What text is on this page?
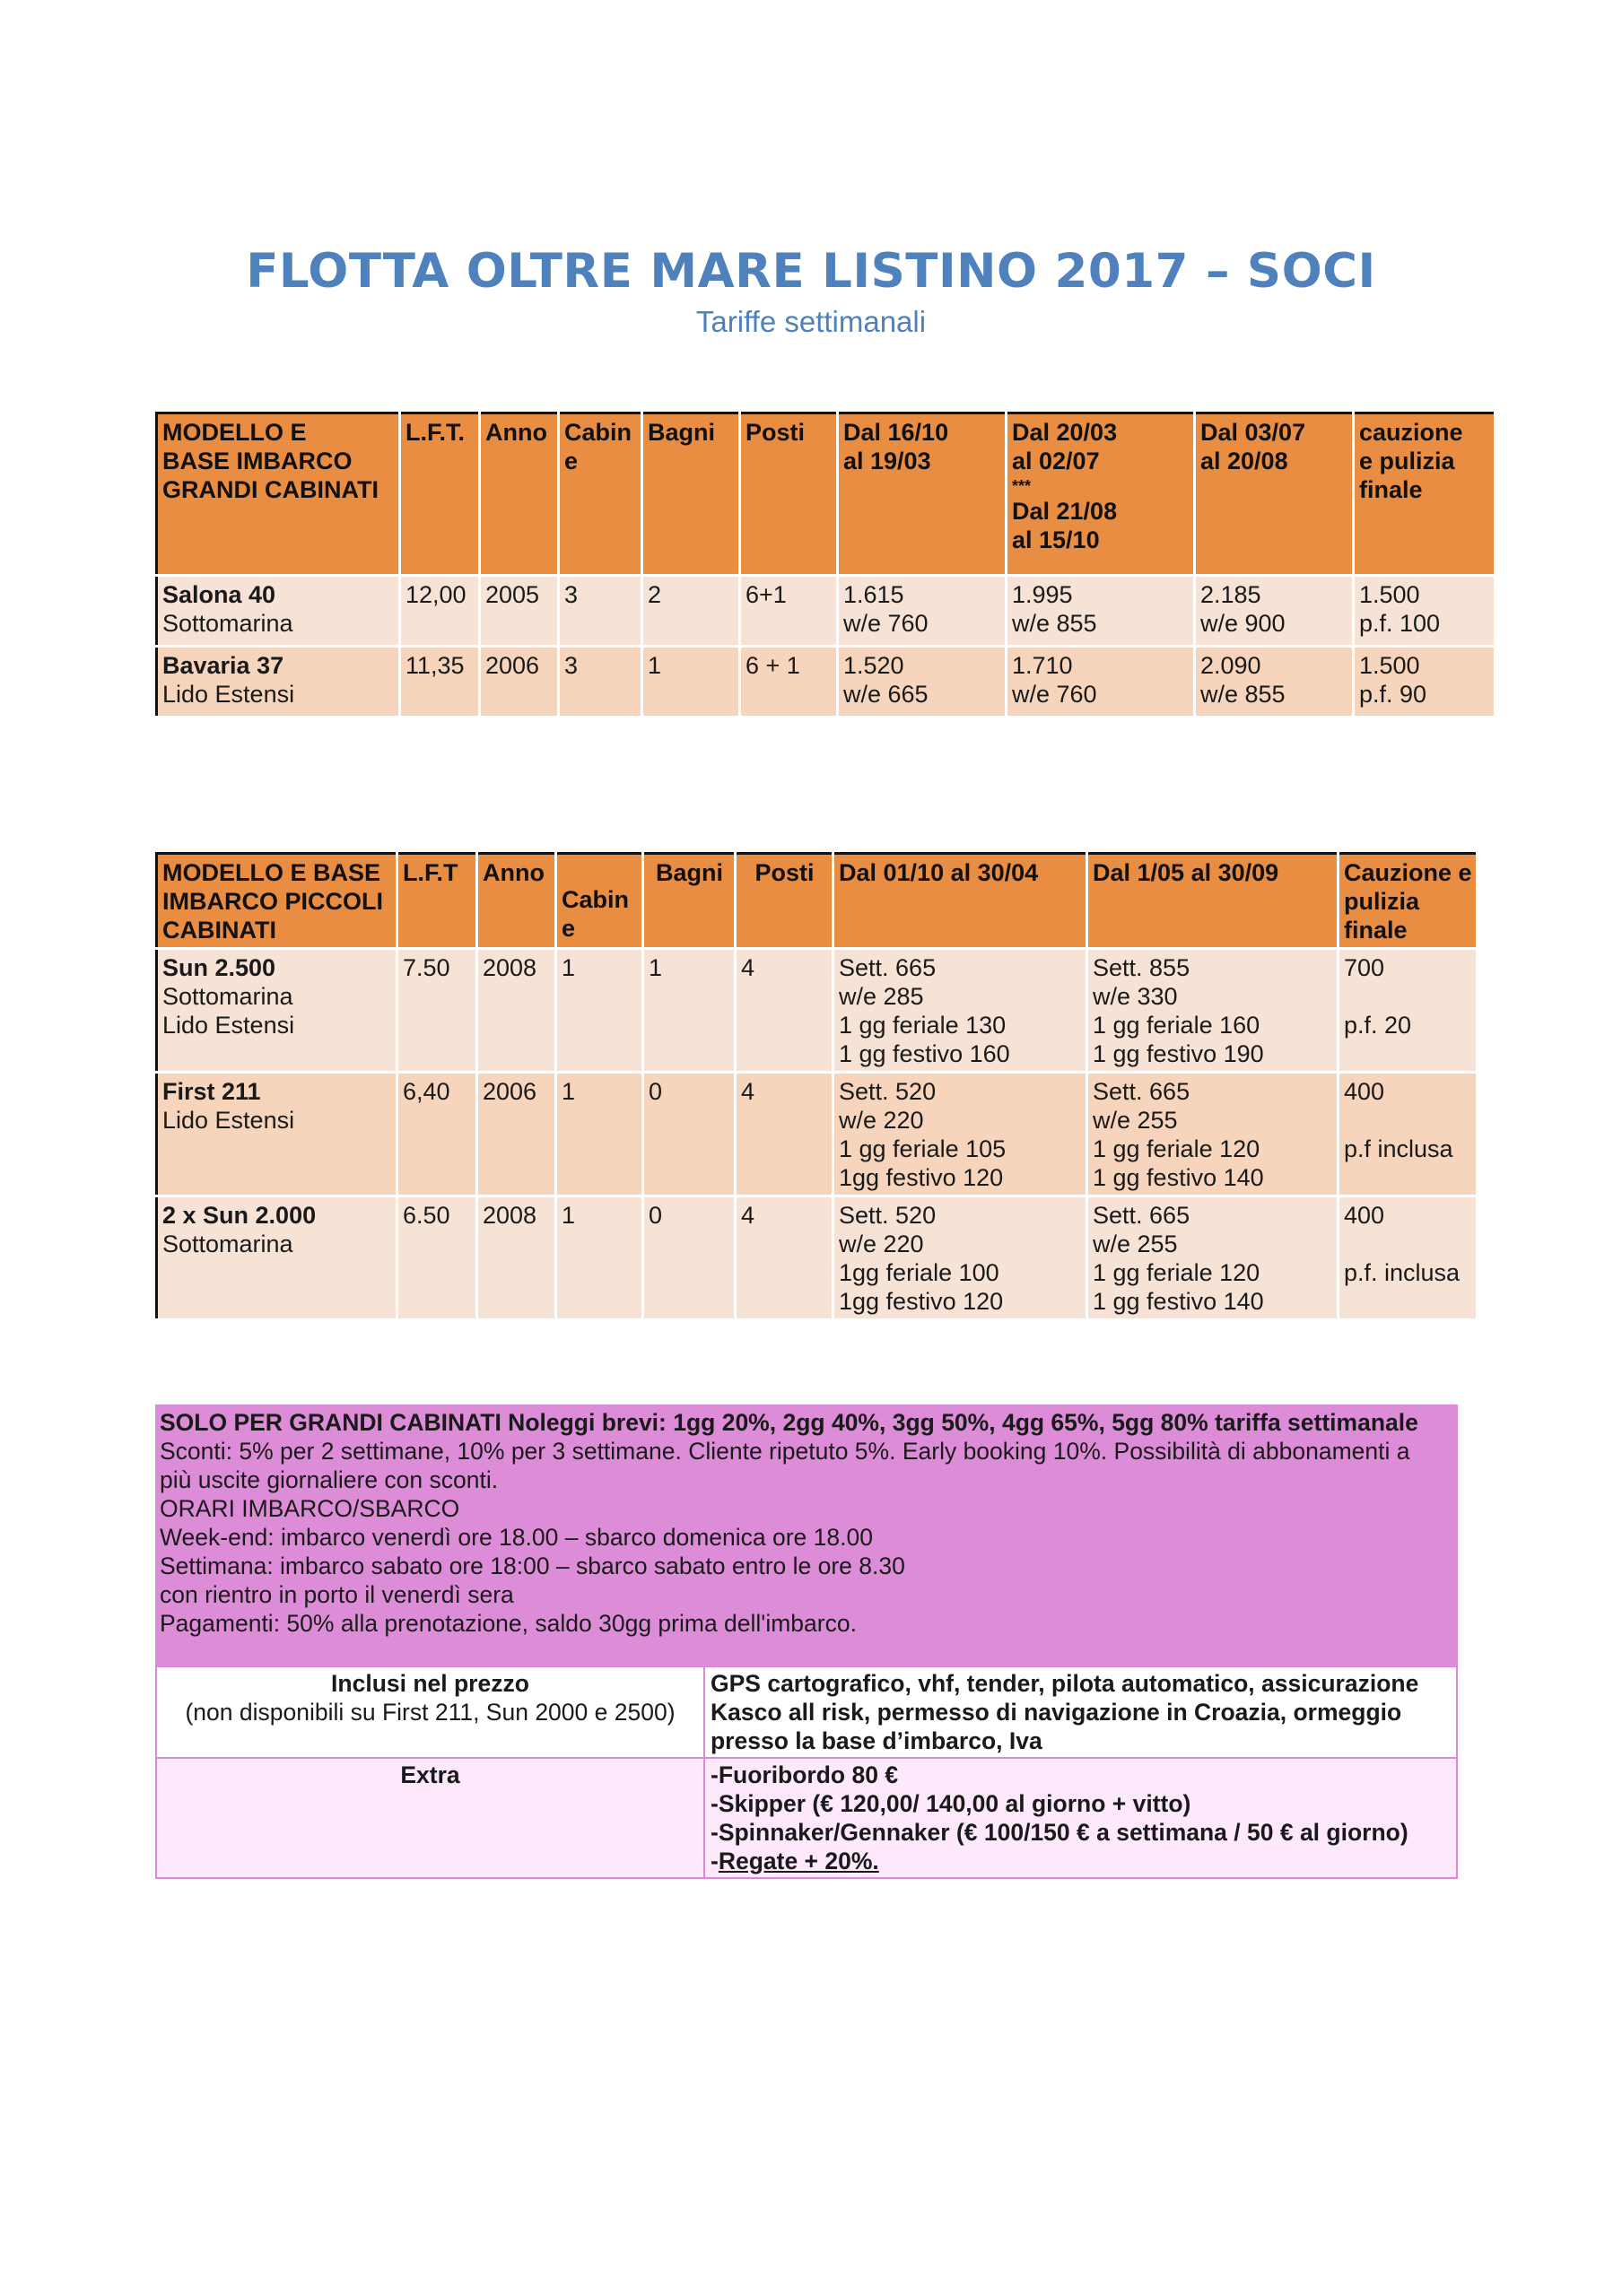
FLOTTA OLTRE MARE LISTINO 2017 – SOCI
Tariffe settimanali
MODELLO E
BASE IMBARCO
GRANDI CABINATI	L.F.T.	Anno	Cabin
e	Bagni	Posti	Dal 16/10
al 19/03	Dal 20/03
al 02/07
***
Dal 21/08
al 15/10	Dal 03/07
al 20/08	cauzione
e pulizia
finale

Salona 40
Sottomarina	12,00	2005	3	2	6+1	1.615
w/e 760	1.995
w/e 855	2.185
w/e 900	1.500
p.f. 100

Bavaria 37
Lido Estensi	11,35	2006	3	1	6 + 1	1.520
w/e 665	1.710
w/e 760	2.090
w/e 855	1.500
p.f. 90
MODELLO E BASE
IMBARCO PICCOLI
CABINATI	L.F.T	Anno	Cabin
e	Bagni	Posti	Dal 01/10 al 30/04	Dal 1/05 al 30/09	Cauzione e
pulizia
finale

Sun 2.500
Sottomarina
Lido Estensi	7.50	2008	1	1	4	Sett. 665
w/e 285
1 gg feriale 130
1 gg festivo 160	Sett. 855
w/e 330
1 gg feriale 160
1 gg festivo 190	700
p.f. 20

First 211
Lido Estensi	6,40	2006	1	0	4	Sett. 520
w/e 220
1 gg feriale 105
1gg festivo 120	Sett. 665
w/e 255
1 gg feriale 120
1 gg festivo 140	400
p.f inclusa

2 x Sun 2.000
Sottomarina	6.50	2008	1	0	4	Sett. 520
w/e 220
1gg feriale 100
1gg festivo 120	Sett. 665
w/e 255
1 gg feriale 120
1 gg festivo 140	400
p.f. inclusa
SOLO PER GRANDI CABINATI Noleggi brevi: 1gg 20%, 2gg 40%, 3gg 50%, 4gg 65%, 5gg 80% tariffa settimanale
Sconti: 5% per 2 settimane, 10% per 3 settimane. Cliente ripetuto 5%. Early booking 10%. Possibilità di abbonamenti a
più uscite giornaliere con sconti.
ORARI IMBARCO/SBARCO
Week-end: imbarco venerdì ore 18.00 – sbarco domenica ore 18.00
Settimana: imbarco sabato ore 18:00 – sbarco sabato entro le ore 8.30
con rientro in porto il venerdì sera
Pagamenti: 50% alla prenotazione, saldo 30gg prima dell'imbarco.
Inclusi nel prezzo
(non disponibili su First 211, Sun 2000 e 2500)	GPS cartografico, vhf, tender, pilota automatico, assicurazione
Kasco all risk, permesso di navigazione in Croazia, ormeggio
presso la base d’imbarco, Iva

Extra	-Fuoribordo 80 €
-Skipper (€ 120,00/ 140,00 al giorno + vitto)
-Spinnaker/Gennaker (€ 100/150 € a settimana / 50 € al giorno)
-Regate + 20%.
